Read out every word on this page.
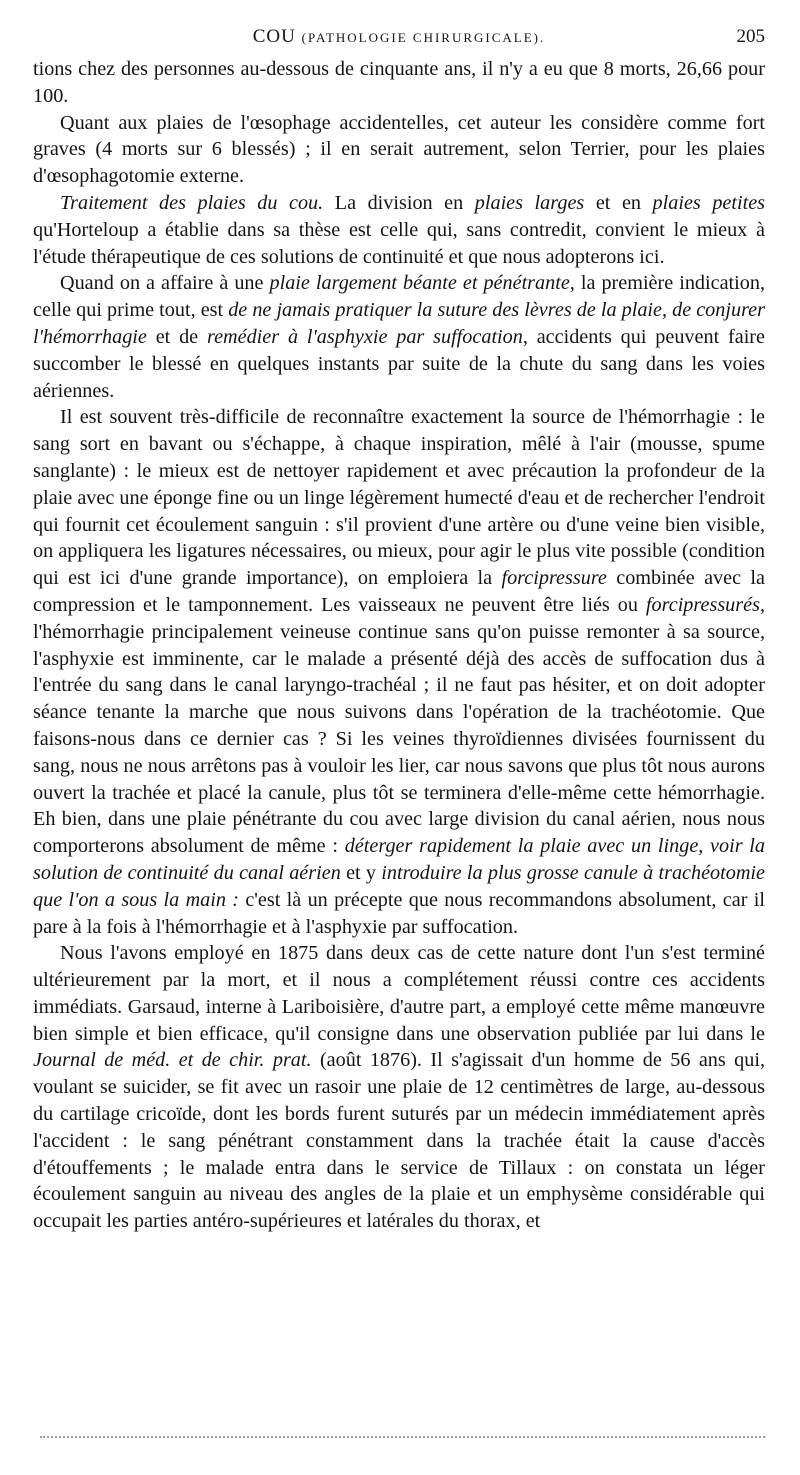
COU (PATHOLOGIE CHIRURGICALE).	205

tions chez des personnes au-dessous de cinquante ans, il n'y a eu que 8 morts, 26,66 pour 100.

Quant aux plaies de l'œsophage accidentelles, cet auteur les considère comme fort graves (4 morts sur 6 blessés) ; il en serait autrement, selon Terrier, pour les plaies d'œsophagotomie externe.

Traitement des plaies du cou. La division en plaies larges et en plaies petites qu'Horteloup a établie dans sa thèse est celle qui, sans contredit, convient le mieux à l'étude thérapeutique de ces solutions de continuité et que nous adopterons ici.

Quand on a affaire à une plaie largement béante et pénétrante, la première indication, celle qui prime tout, est de ne jamais pratiquer la suture des lèvres de la plaie, de conjurer l'hémorrhagie et de remédier à l'asphyxie par suffocation, accidents qui peuvent faire succomber le blessé en quelques instants par suite de la chute du sang dans les voies aériennes.

Il est souvent très-difficile de reconnaître exactement la source de l'hémorrhagie : le sang sort en bavant ou s'échappe, à chaque inspiration, mêlé à l'air (mousse, spume sanglante) : le mieux est de nettoyer rapidement et avec précaution la profondeur de la plaie avec une éponge fine ou un linge légèrement humecté d'eau et de rechercher l'endroit qui fournit cet écoulement sanguin : s'il provient d'une artère ou d'une veine bien visible, on appliquera les ligatures nécessaires, ou mieux, pour agir le plus vite possible (condition qui est ici d'une grande importance), on emploiera la forcipressure combinée avec la compression et le tamponnement. Les vaisseaux ne peuvent être liés ou forcipressurés, l'hémorrhagie principalement veineuse continue sans qu'on puisse remonter à sa source, l'asphyxie est imminente, car le malade a présenté déjà des accès de suffocation dus à l'entrée du sang dans le canal laryngo-trachéal ; il ne faut pas hésiter, et on doit adopter séance tenante la marche que nous suivons dans l'opération de la trachéotomie. Que faisons-nous dans ce dernier cas ? Si les veines thyroïdiennes divisées fournissent du sang, nous ne nous arrêtons pas à vouloir les lier, car nous savons que plus tôt nous aurons ouvert la trachée et placé la canule, plus tôt se terminera d'elle-même cette hémorrhagie. Eh bien, dans une plaie pénétrante du cou avec large division du canal aérien, nous nous comporterons absolument de même : déterger rapidement la plaie avec un linge, voir la solution de continuité du canal aérien et y introduire la plus grosse canule à trachéotomie que l'on a sous la main : c'est là un précepte que nous recommandons absolument, car il pare à la fois à l'hémorrhagie et à l'asphyxie par suffocation.

Nous l'avons employé en 1875 dans deux cas de cette nature dont l'un s'est terminé ultérieurement par la mort, et il nous a complétement réussi contre ces accidents immédiats. Garsaud, interne à Lariboisière, d'autre part, a employé cette même manœuvre bien simple et bien efficace, qu'il consigne dans une observation publiée par lui dans le Journal de méd. et de chir. prat. (août 1876). Il s'agissait d'un homme de 56 ans qui, voulant se suicider, se fit avec un rasoir une plaie de 12 centimètres de large, au-dessous du cartilage cricoïde, dont les bords furent suturés par un médecin immédiatement après l'accident : le sang pénétrant constamment dans la trachée était la cause d'accès d'étouffements ; le malade entra dans le service de Tillaux : on constata un léger écoulement sanguin au niveau des angles de la plaie et un emphysème considérable qui occupait les parties antéro-supérieures et latérales du thorax, et
